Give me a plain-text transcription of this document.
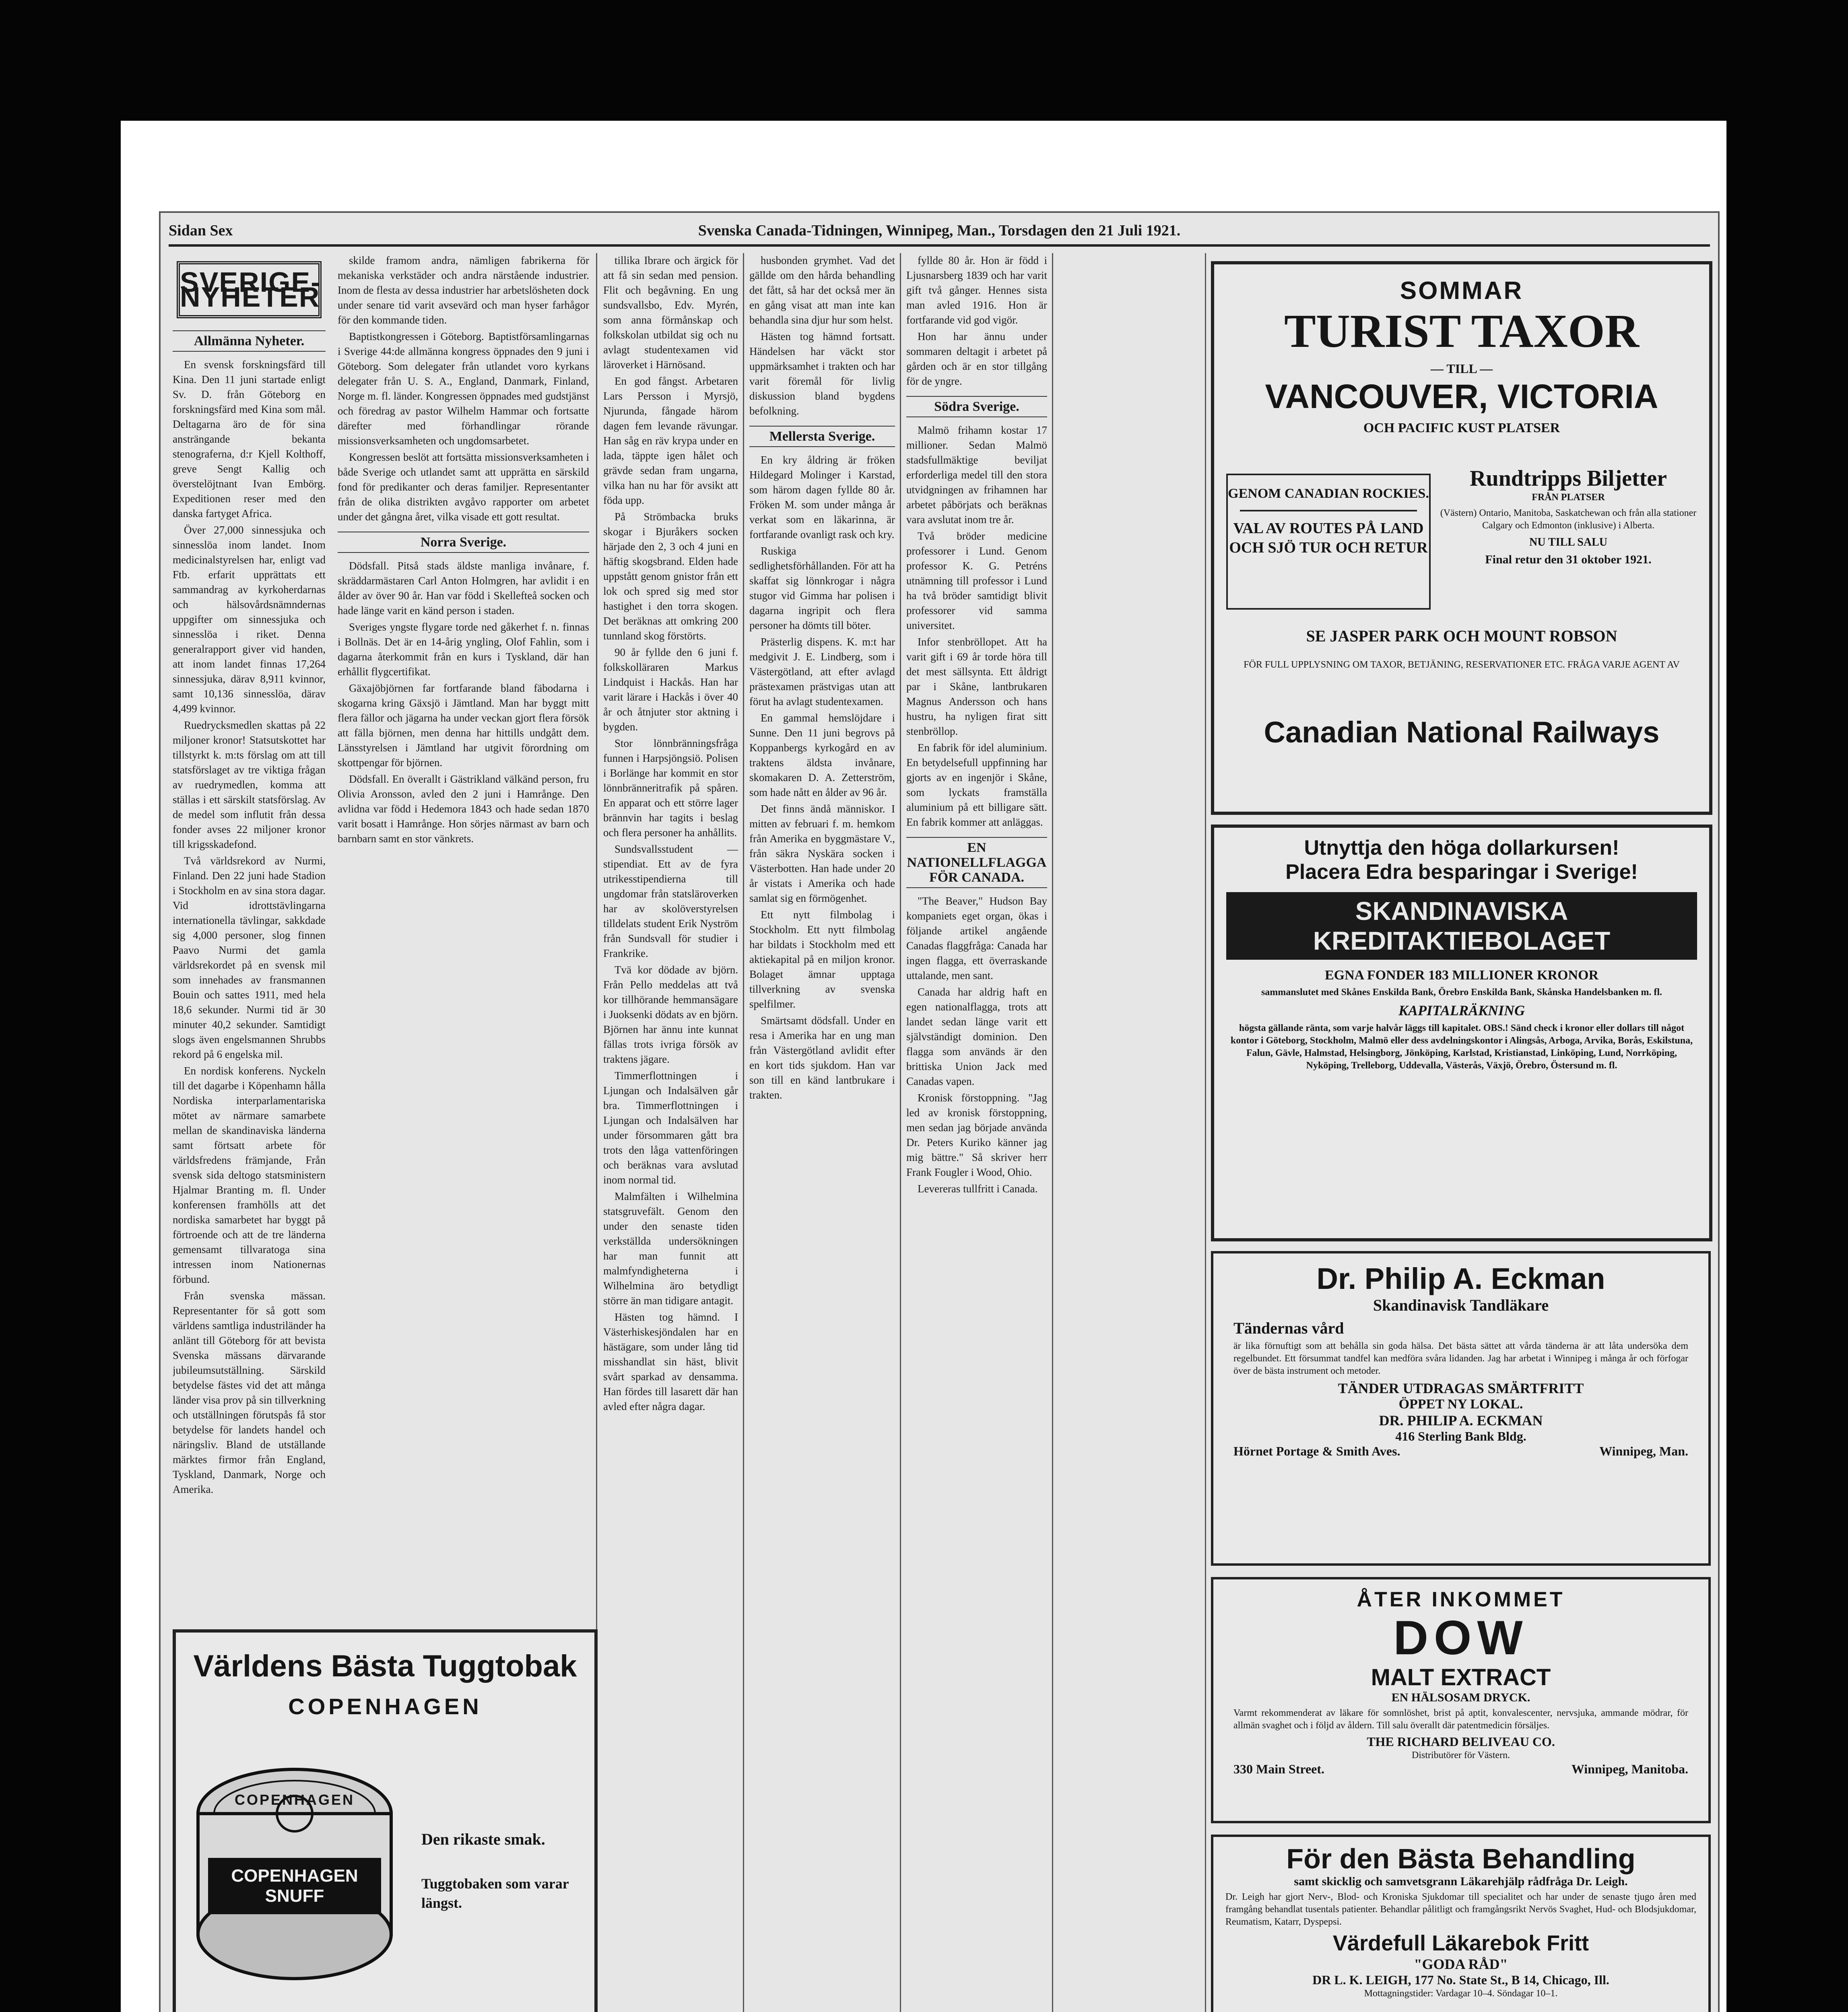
Sidan Sex	Svenska Canada-Tidningen, Winnipeg, Man., Torsdagen den 21 Juli 1921.
SVERIGE-NYHETER
Allmänna Nyheter.

En svensk forskningsfärd till Kina. Den 11 juni startade enligt Sv. D. från Göteborg en forskningsfärd med Kina som mål. Deltagarna äro de för sina ansträngande bekanta stenograferna, d:r Kjell Kolthoff, greve Sengt Kallig och överstelöjtnant Ivan Embörg. Expeditionen reser med den danska fartyget Africa.

Över 27,000 sinnessjuka och sinnesslöa inom landet. Inom medicinalstyrelsen har, enligt vad Ftb. erfarit upprättats ett sammandrag av kyrkoherdarnas och hälsovårdsnämndernas uppgifter om sinnessjuka och sinnesslöa i riket. Denna generalrapport giver vid handen, att inom landet finnas 17,264 sinnessjuka, därav 8,911 kvinnor, samt 10,136 sinnesslöa, därav 4,499 kvinnor.

Ruedrycksmedlen skattas på 22 miljoner kronor! Statsutskottet har tillstyrkt k. m:ts förslag om att till statsförslaget av tre viktiga frågan av ruedrymedlen, komma att ställas i ett särskilt statsförslag. Av de medel som influtit från dessa fonder avses 22 miljoner kronor till krigsskadefond.

Två världsrekord av Nurmi, Finland. Den 22 juni hade Stadion i Stockholm en av sina stora dagar. Vid idrottstävlingarna internationella tävlingar, sakkdade sig 4,000 personer, slog finnen Paavo Nurmi det gamla världsrekordet på en svensk mil som innehades av fransmannen Bouin och sattes 1911, med hela 18,6 sekunder. Nurmi tid är 30 minuter 40,2 sekunder. Samtidigt slogs även engelsmannen Shrubbs rekord på 6 engelska mil.

En nordisk konferens. Nyckeln till det dagarbe i Köpenhamn hålla Nordiska interparlamentariska mötet av närmare samarbete mellan de skandinaviska länderna samt förtsatt arbete för världsfredens främjande, Från svensk sida deltogo statsministern Hjalmar Branting m. fl. Under konferensen framhölls att det nordiska samarbetet har byggt på förtroende och att de tre länderna gemensamt tillvaratoga sina intressen inom Nationernas förbund.

Från svenska mässan. Representanter för så gott som världens samtliga industriländer ha anlänt till Göteborg för att bevista Svenska mässans därvarande jubileumsutställning. Särskild betydelse fästes vid det att många länder visa prov på sin tillverkning och utställningen förutspås få stor betydelse för landets handel och näringsliv. Bland de utställande märktes firmor från England, Tyskland, Danmark, Norge och Amerika.

skilde framom andra, nämligen fabrikerna för mekaniska verkstäder och andra närstående industrier. Inom de flesta av dessa industrier har arbetslösheten dock under senare tid varit avsevärd och man hyser farhågor för den kommande tiden.

Baptistkongressen i Göteborg. Baptistförsamlingarnas i Sverige 44:de allmänna kongress öppnades den 9 juni i Göteborg. Som delegater från utlandet voro kyrkans delegater från U. S. A., England, Danmark, Finland, Norge m. fl. länder. Kongressen öppnades med gudstjänst och föredrag av pastor Wilhelm Hammar och fortsatte därefter med förhandlingar rörande missionsverksamheten och ungdomsarbetet.

Kongressen beslöt att fortsätta missionsverksamheten i både Sverige och utlandet samt att upprätta en särskild fond för predikanter och deras familjer. Representanter från de olika distrikten avgåvo rapporter om arbetet under det gångna året, vilka visade ett gott resultat.

Norra Sverige.

Dödsfall. Pitså stads äldste manliga invånare, f. skräddarmästaren Carl Anton Holmgren, har avlidit i en ålder av över 90 år. Han var född i Skellefteå socken och hade länge varit en känd person i staden.

Sveriges yngste flygare torde ned gåkerhet f. n. finnas i Bollnäs. Det är en 14-årig yngling, Olof Fahlin, som i dagarna återkommit från en kurs i Tyskland, där han erhållit flygcertifikat.

Gäxajöbjörnen far fortfarande bland fäbodarna i skogarna kring Gäxsjö i Jämtland. Man har byggt mitt flera fällor och jägarna ha under veckan gjort flera försök att fälla björnen, men denna har hittills undgått dem. Länsstyrelsen i Jämtland har utgivit förordning om skottpengar för björnen.

Dödsfall. En överallt i Gästrikland välkänd person, fru Olivia Aronsson, avled den 2 juni i Hamrånge. Den avlidna var född i Hedemora 1843 och hade sedan 1870 varit bosatt i Hamrånge. Hon sörjes närmast av barn och barnbarn samt en stor vänkrets.

Världens Bästa Tuggtobak
COPENHAGEN
COPENHAGEN
COPENHAGEN SNUFF
Den rikaste smak.
Tuggtobaken som varar längst.

tillika Ibrare och ärgick för att få sin sedan med pension. Flit och begåvning. En ung sundsvallsbo, Edv. Myrén, som anna förmånskap och folkskolan utbildat sig och nu avlagt studentexamen vid läroverket i Härnösand.

En god fångst. Arbetaren Lars Persson i Myrsjö, Njurunda, fångade härom dagen fem levande rävungar. Han såg en räv krypa under en lada, täppte igen hålet och grävde sedan fram ungarna, vilka han nu har för avsikt att föda upp.

På Strömbacka bruks skogar i Bjuråkers socken härjade den 2, 3 och 4 juni en häftig skogsbrand. Elden hade uppstått genom gnistor från ett lok och spred sig med stor hastighet i den torra skogen. Det beräknas att omkring 200 tunnland skog förstörts.

90 år fyllde den 6 juni f. folkskolläraren Markus Lindquist i Hackås. Han har varit lärare i Hackås i över 40 år och åtnjuter stor aktning i bygden.

Stor lönnbränningsfråga funnen i Harpsjöngsiö. Polisen i Borlänge har kommit en stor lönnbränneritrafik på spåren. En apparat och ett större lager brännvin har tagits i beslag och flera personer ha anhållits.

Sundsvallsstudent — stipendiat. Ett av de fyra utrikesstipendierna till ungdomar från statsläroverken har av skolöverstyrelsen tilldelats student Erik Nyström från Sundsvall för studier i Frankrike.

Tvä kor dödade av björn. Från Pello meddelas att två kor tillhörande hemmansägare i Juoksenki dödats av en björn. Björnen har ännu inte kunnat fällas trots ivriga försök av traktens jägare.

Timmerflottningen i Ljungan och Indalsälven går bra. Timmerflottningen i Ljungan och Indalsälven har under försommaren gått bra trots den låga vattenföringen och beräknas vara avslutad inom normal tid.

Malmfälten i Wilhelmina statsgruvefält. Genom den under den senaste tiden verkställda undersökningen har man funnit att malmfyndigheterna i Wilhelmina äro betydligt större än man tidigare antagit.

Hästen tog hämnd. I Västerhiskesjöndalen har en hästägare, som under lång tid misshandlat sin häst, blivit svårt sparkad av densamma. Han fördes till lasarett där han avled efter några dagar.

husbonden grymhet. Vad det gällde om den hårda behandling det fått, så har det också mer än en gång visat att man inte kan behandla sina djur hur som helst.

Hästen tog hämnd fortsatt. Händelsen har väckt stor uppmärksamhet i trakten och har varit föremål för livlig diskussion bland bygdens befolkning.

Mellersta Sverige.

En kry åldring är fröken Hildegard Molinger i Karstad, som härom dagen fyllde 80 år. Fröken M. som under många år verkat som en läkarinna, är fortfarande ovanligt rask och kry.

Ruskiga sedlighetsförhållanden. För att ha skaffat sig lönnkrogar i några stugor vid Gimma har polisen i dagarna ingripit och flera personer ha dömts till böter.

Prästerlig dispens. K. m:t har medgivit J. E. Lindberg, som i Västergötland, att efter avlagd prästexamen prästvigas utan att förut ha avlagt studentexamen.

En gammal hemslöjdare i Sunne. Den 11 juni begrovs på Koppanbergs kyrkogård en av traktens äldsta invånare, skomakaren D. A. Zetterström, som hade nått en ålder av 96 år.

Det finns ändå människor. I mitten av februari f. m. hemkom från Amerika en byggmästare V., från säkra Nyskära socken i Västerbotten. Han hade under 20 år vistats i Amerika och hade samlat sig en förmögenhet.

Ett nytt filmbolag i Stockholm. Ett nytt filmbolag har bildats i Stockholm med ett aktiekapital på en miljon kronor. Bolaget ämnar upptaga tillverkning av svenska spelfilmer.

Smärtsamt dödsfall. Under en resa i Amerika har en ung man från Västergötland avlidit efter en kort tids sjukdom. Han var son till en känd lantbrukare i trakten.

fyllde 80 år. Hon är född i Ljusnarsberg 1839 och har varit gift två gånger. Hennes sista man avled 1916. Hon är fortfarande vid god vigör.

Hon har ännu under sommaren deltagit i arbetet på gården och är en stor tillgång för de yngre.

Södra Sverige.

Malmö frihamn kostar 17 millioner. Sedan Malmö stadsfullmäktige beviljat erforderliga medel till den stora utvidgningen av frihamnen har arbetet påbörjats och beräknas vara avslutat inom tre år.

Två bröder medicine professorer i Lund. Genom professor K. G. Petréns utnämning till professor i Lund ha två bröder samtidigt blivit professorer vid samma universitet.

Infor stenbröllopet. Att ha varit gift i 69 år torde höra till det mest sällsynta. Ett åldrigt par i Skåne, lantbrukaren Magnus Andersson och hans hustru, ha nyligen firat sitt stenbröllop.

En fabrik för idel aluminium. En betydelsefull uppfinning har gjorts av en ingenjör i Skåne, som lyckats framställa aluminium på ett billigare sätt. En fabrik kommer att anläggas.

EN NATIONELLFLAGGA FÖR CANADA.

"The Beaver," Hudson Bay kompaniets eget organ, ökas i följande artikel angående Canadas flaggfråga: Canada har ingen flagga, ett överraskande uttalande, men sant.

Canada har aldrig haft en egen nationalflagga, trots att landet sedan länge varit ett självständigt dominion. Den flagga som används är den brittiska Union Jack med Canadas vapen.

Kronisk förstoppning. "Jag led av kronisk förstoppning, men sedan jag började använda Dr. Peters Kuriko känner jag mig bättre." Så skriver herr Frank Fougler i Wood, Ohio.

Levereras tullfritt i Canada.

SOMMAR
TURIST TAXOR
— TILL —
VANCOUVER, VICTORIA
OCH PACIFIC KUST PLATSER
GENOM CANADIAN ROCKIES.
VAL AV ROUTES PÅ LAND OCH SJÖ TUR OCH RETUR
Rundtripps Biljetter
FRÅN PLATSER
(Västern) Ontario, Manitoba, Saskatchewan och från alla stationer Calgary och Edmonton (inklusive) i Alberta.
NU TILL SALU
Final retur den 31 oktober 1921.
SE JASPER PARK OCH MOUNT ROBSON
FÖR FULL UPPLYSNING OM TAXOR, BETJÄNING, RESERVATIONER ETC. FRÅGA VARJE AGENT AV
Canadian National Railways
Utnyttja den höga dollarkursen!
Placera Edra besparingar i Sverige!
SKANDINAVISKA KREDITAKTIEBOLAGET
EGNA FONDER 183 MILLIONER KRONOR
sammanslutet med Skånes Enskilda Bank, Örebro Enskilda Bank, Skånska Handelsbanken m. fl.
KAPITALRÄKNING
högsta gällande ränta, som varje halvår läggs till kapitalet. OBS.! Sänd check i kronor eller dollars till något kontor i Göteborg, Stockholm, Malmö eller dess avdelningskontor i Alingsås, Arboga, Arvika, Borås, Eskilstuna, Falun, Gävle, Halmstad, Helsingborg, Jönköping, Karlstad, Kristianstad, Linköping, Lund, Norrköping, Nyköping, Trelleborg, Uddevalla, Västerås, Växjö, Örebro, Östersund m. fl.
Dr. Philip A. Eckman
Skandinavisk Tandläkare
Tändernas vård
är lika förnuftigt som att behålla sin goda hälsa. Det bästa sättet att vårda tänderna är att låta undersöka dem regelbundet. Ett försummat tandfel kan medföra svåra lidanden. Jag har arbetat i Winnipeg i många år och förfogar över de bästa instrument och metoder.
TÄNDER UTDRAGAS SMÄRTFRITT
ÖPPET NY LOKAL.
DR. PHILIP A. ECKMAN
416 Sterling Bank Bldg.
Hörnet Portage & Smith Aves.	Winnipeg, Man.
ÅTER INKOMMET
DOW
MALT EXTRACT
EN HÄLSOSAM DRYCK.
Varmt rekommenderat av läkare för somnlöshet, brist på aptit, konvalescenter, nervsjuka, ammande mödrar, för allmän svaghet och i följd av åldern. Till salu överallt där patentmedicin försäljes.
THE RICHARD BELIVEAU CO.
Distributörer för Västern.
330 Main Street.	Winnipeg, Manitoba.
För den Bästa Behandling
samt skicklig och samvetsgrann Läkarehjälp rådfråga Dr. Leigh.
Dr. Leigh har gjort Nerv-, Blod- och Kroniska Sjukdomar till specialitet och har under de senaste tjugo åren med framgång behandlat tusentals patienter. Behandlar pålitligt och framgångsrikt Nervös Svaghet, Hud- och Blodsjukdomar, Reumatism, Katarr, Dyspepsi.
Värdefull Läkarebok Fritt
"GODA RÅD"
DR L. K. LEIGH, 177 No. State St., B 14, Chicago, Ill.
Mottagningstider: Vardagar 10–4. Söndagar 10–1.
